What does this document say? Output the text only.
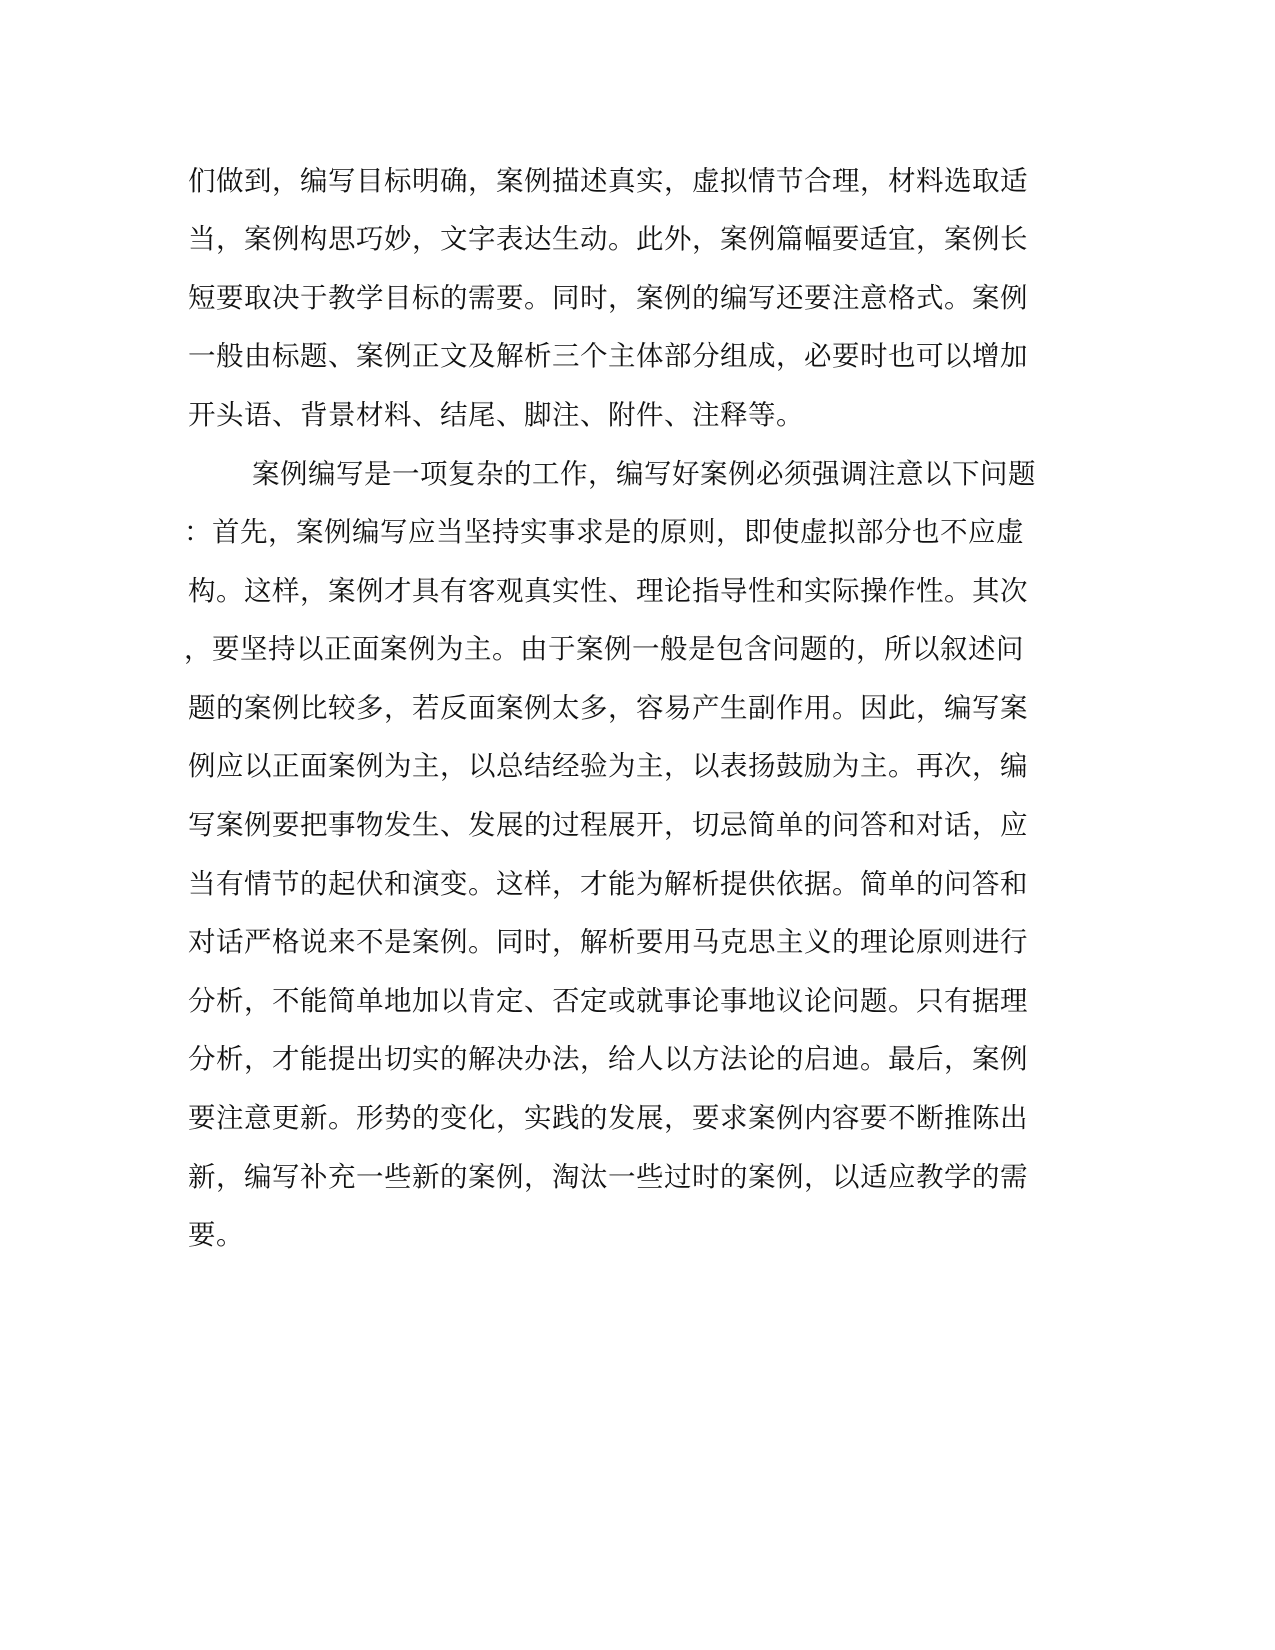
们做到，编写目标明确，案例描述真实，虚拟情节合理，材料选取适
当，案例构思巧妙，文字表达生动。此外，案例篇幅要适宜，案例长
短要取决于教学目标的需要。同时，案例的编写还要注意格式。案例
一般由标题、案例正文及解析三个主体部分组成，必要时也可以增加
开头语、背景材料、结尾、脚注、附件、注释等。
案例编写是一项复杂的工作，编写好案例必须强调注意以下问题
：首先，案例编写应当坚持实事求是的原则，即使虚拟部分也不应虚
构。这样，案例才具有客观真实性、理论指导性和实际操作性。其次
，要坚持以正面案例为主。由于案例一般是包含问题的，所以叙述问
题的案例比较多，若反面案例太多，容易产生副作用。因此，编写案
例应以正面案例为主，以总结经验为主，以表扬鼓励为主。再次，编
写案例要把事物发生、发展的过程展开，切忌简单的问答和对话，应
当有情节的起伏和演变。这样，才能为解析提供依据。简单的问答和
对话严格说来不是案例。同时，解析要用马克思主义的理论原则进行
分析，不能简单地加以肯定、否定或就事论事地议论问题。只有据理
分析，才能提出切实的解决办法，给人以方法论的启迪。最后，案例
要注意更新。形势的变化，实践的发展，要求案例内容要不断推陈出
新，编写补充一些新的案例，淘汰一些过时的案例，以适应教学的需
要。
